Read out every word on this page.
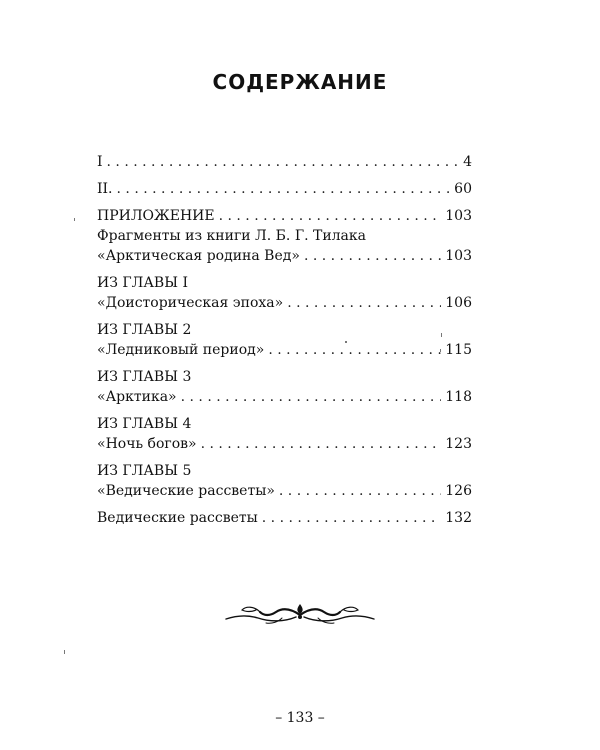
СОДЕРЖАНИЕ
I . . .	4
II. . . .	60
ПРИЛОЖЕНИЕ . . .	103
Фрагменты из книги Л. Б. Г. Тилака
«Арктическая родина Вед» . . .	103
ИЗ ГЛАВЫ I
«Доисторическая эпоха» . . .	106
ИЗ ГЛАВЫ 2
«Ледниковый период» . . .	115
ИЗ ГЛАВЫ 3
«Арктика» . . .	118
ИЗ ГЛАВЫ 4
«Ночь богов» . . .	123
ИЗ ГЛАВЫ 5
«Ведические рассветы» . . .	126
Ведические рассветы . . .	132
– 133 –
